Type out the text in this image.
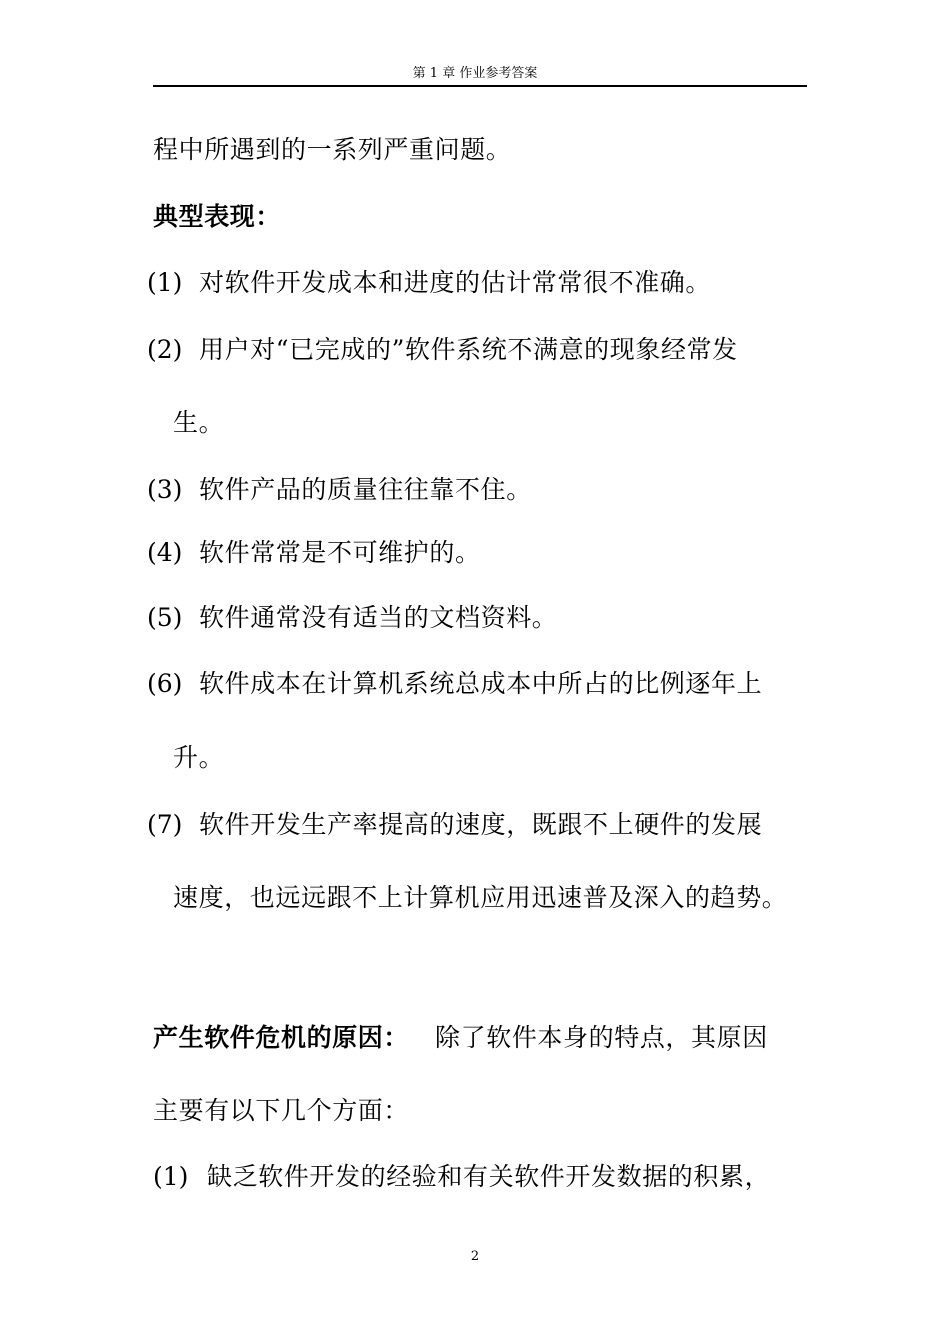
第 1 章 作业参考答案
程中所遇到的一系列严重问题。
典型表现：
(1) 对软件开发成本和进度的估计常常很不准确。
(2) 用户对“已完成的”软件系统不满意的现象经常发
生。
(3) 软件产品的质量往往靠不住。
(4) 软件常常是不可维护的。
(5) 软件通常没有适当的文档资料。
(6) 软件成本在计算机系统总成本中所占的比例逐年上
升。
(7) 软件开发生产率提高的速度，既跟不上硬件的发展
速度，也远远跟不上计算机应用迅速普及深入的趋势。
产生软件危机的原因： 除了软件本身的特点，其原因
主要有以下几个方面：
(1) 缺乏软件开发的经验和有关软件开发数据的积累，
2
